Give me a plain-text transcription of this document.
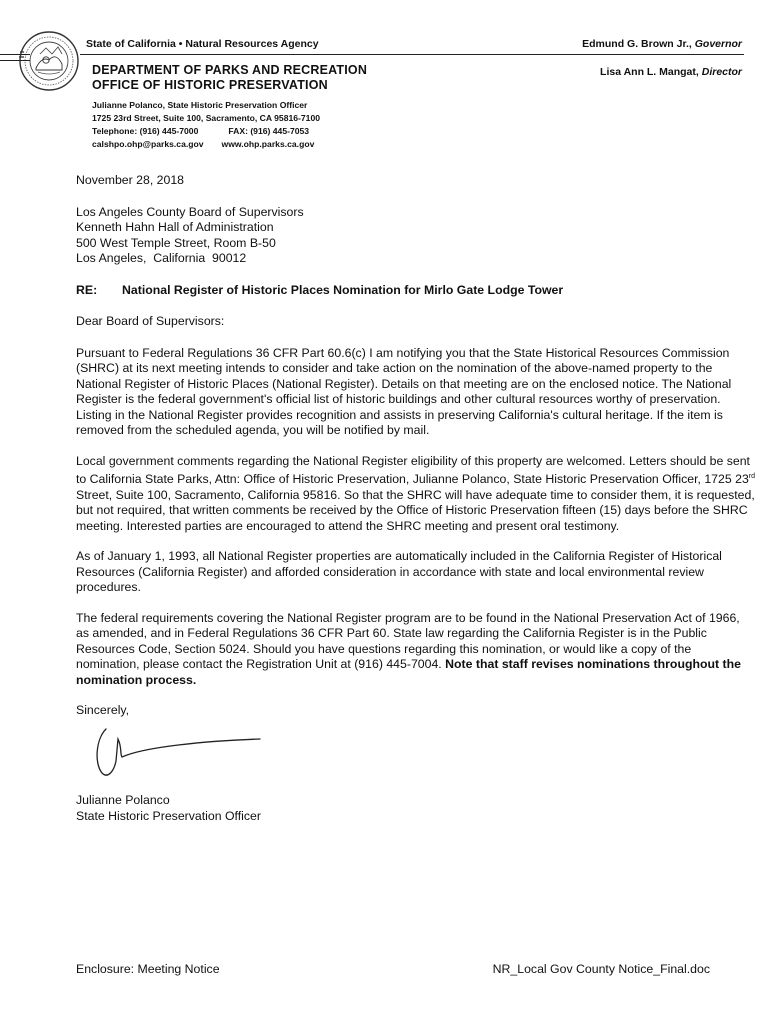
State of California • Natural Resources Agency	Edmund G. Brown Jr., Governor
DEPARTMENT OF PARKS AND RECREATION
OFFICE OF HISTORIC PRESERVATION
Lisa Ann L. Mangat, Director
Julianne Polanco, State Historic Preservation Officer
1725 23rd Street, Suite 100, Sacramento, CA 95816-7100
Telephone: (916) 445-7000	FAX: (916) 445-7053
calshpo.ohp@parks.ca.gov www.ohp.parks.ca.gov

November 28, 2018

Los Angeles County Board of Supervisors

Kenneth Hahn Hall of Administration

500 West Temple Street, Room B-50

Los Angeles,  California  90012

RE: National Register of Historic Places Nomination for Mirlo Gate Lodge Tower

Dear Board of Supervisors:

Pursuant to Federal Regulations 36 CFR Part 60.6(c) I am notifying you that the State Historical Resources Commission (SHRC) at its next meeting intends to consider and take action on the nomination of the above-named property to the National Register of Historic Places (National Register). Details on that meeting are on the enclosed notice. The National Register is the federal government's official list of historic buildings and other cultural resources worthy of preservation. Listing in the National Register provides recognition and assists in preserving California's cultural heritage. If the item is removed from the scheduled agenda, you will be notified by mail.

Local government comments regarding the National Register eligibility of this property are welcomed. Letters should be sent to California State Parks, Attn: Office of Historic Preservation, Julianne Polanco, State Historic Preservation Officer, 1725 23rd Street, Suite 100, Sacramento, California 95816. So that the SHRC will have adequate time to consider them, it is requested, but not required, that written comments be received by the Office of Historic Preservation fifteen (15) days before the SHRC meeting. Interested parties are encouraged to attend the SHRC meeting and present oral testimony.

As of January 1, 1993, all National Register properties are automatically included in the California Register of Historical Resources (California Register) and afforded consideration in accordance with state and local environmental review procedures.

The federal requirements covering the National Register program are to be found in the National Preservation Act of 1966, as amended, and in Federal Regulations 36 CFR Part 60. State law regarding the California Register is in the Public Resources Code, Section 5024. Should you have questions regarding this nomination, or would like a copy of the nomination, please contact the Registration Unit at (916) 445-7004. Note that staff revises nominations throughout the nomination process.

Sincerely,

Julianne Polanco

State Historic Preservation Officer

Enclosure: Meeting Notice	NR_Local Gov County Notice_Final.doc
